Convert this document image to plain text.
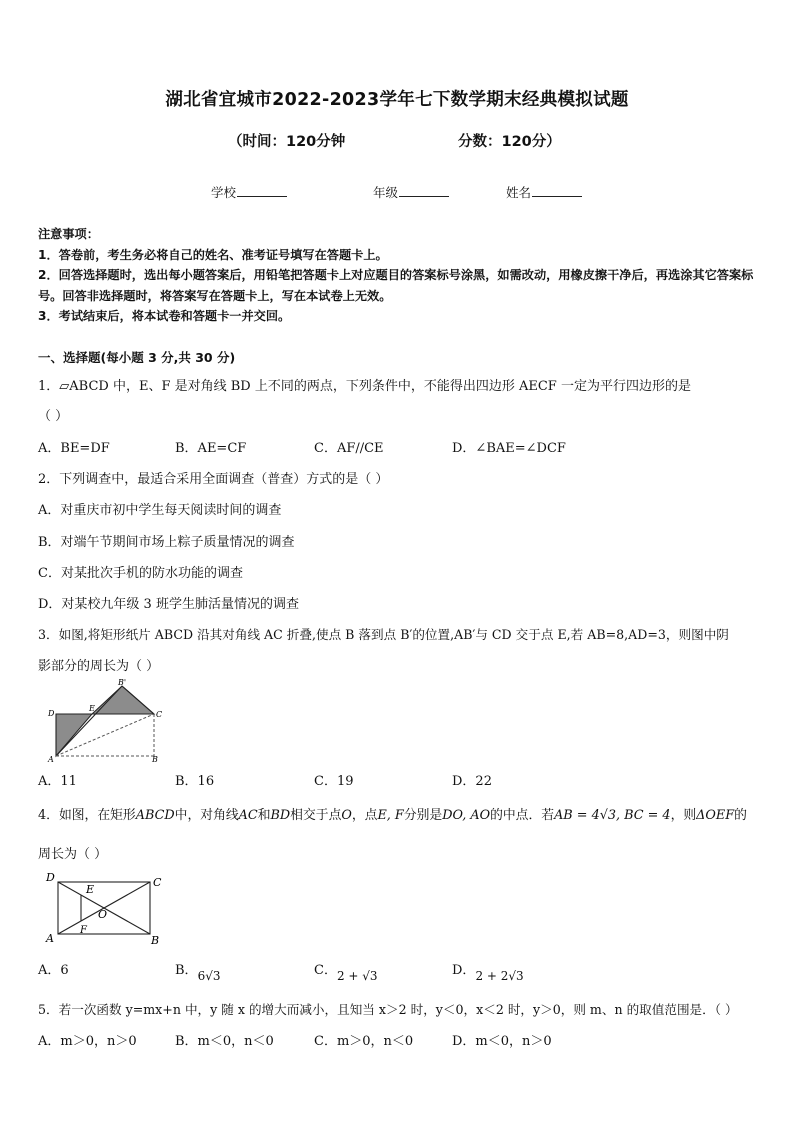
湖北省宜城市2022-2023学年七下数学期末经典模拟试题
（时间：120分钟	分数：120分）
学校	年级	姓名

注意事项：

1．答卷前，考生务必将自己的姓名、准考证号填写在答题卡上。

2．回答选择题时，选出每小题答案后，用铅笔把答题卡上对应题目的答案标号涂黑，如需改动，用橡皮擦干净后，再选涂其它答案标号。回答非选择题时，将答案写在答题卡上，写在本试卷上无效。

3．考试结束后，将本试卷和答题卡一并交回。

一、选择题(每小题 3 分,共 30 分)
1．▱ABCD 中，E、F 是对角线 BD 上不同的两点，下列条件中，不能得出四边形 AECF 一定为平行四边形的是
（ ）
A．BE=DF	B．AE=CF	C．AF//CE	D．∠BAE=∠DCF
2．下列调查中，最适合采用全面调查（普查）方式的是（ ）
A．对重庆市初中学生每天阅读时间的调查
B．对端午节期间市场上粽子质量情况的调查
C．对某批次手机的防水功能的调查
D．对某校九年级 3 班学生肺活量情况的调查
3．如图,将矩形纸片 ABCD 沿其对角线 AC 折叠,使点 B 落到点 B′的位置,AB′与 CD 交于点 E,若 AB=8,AD=3，则图中阴
影部分的周长为（ ）
B'
D
E
C
A	B
A．11	B．16	C．19	D．22
4．如图，在矩形ABCD中，对角线AC和BD相交于点O，点E, F分别是DO, AO的中点．若AB = 4√3, BC = 4，则ΔOEF的
周长为（ ）
D	C
E
O
F
A	B
A．6	B．6√3	C．2 + √3	D．2 + 2√3
5．若一次函数 y=mx+n 中，y 随 x 的增大而减小，且知当 x＞2 时，y＜0，x＜2 时，y＞0，则 m、n 的取值范围是．（ ）
A．m＞0，n＞0	B．m＜0，n＜0	C．m＞0，n＜0	D．m＜0，n＞0
